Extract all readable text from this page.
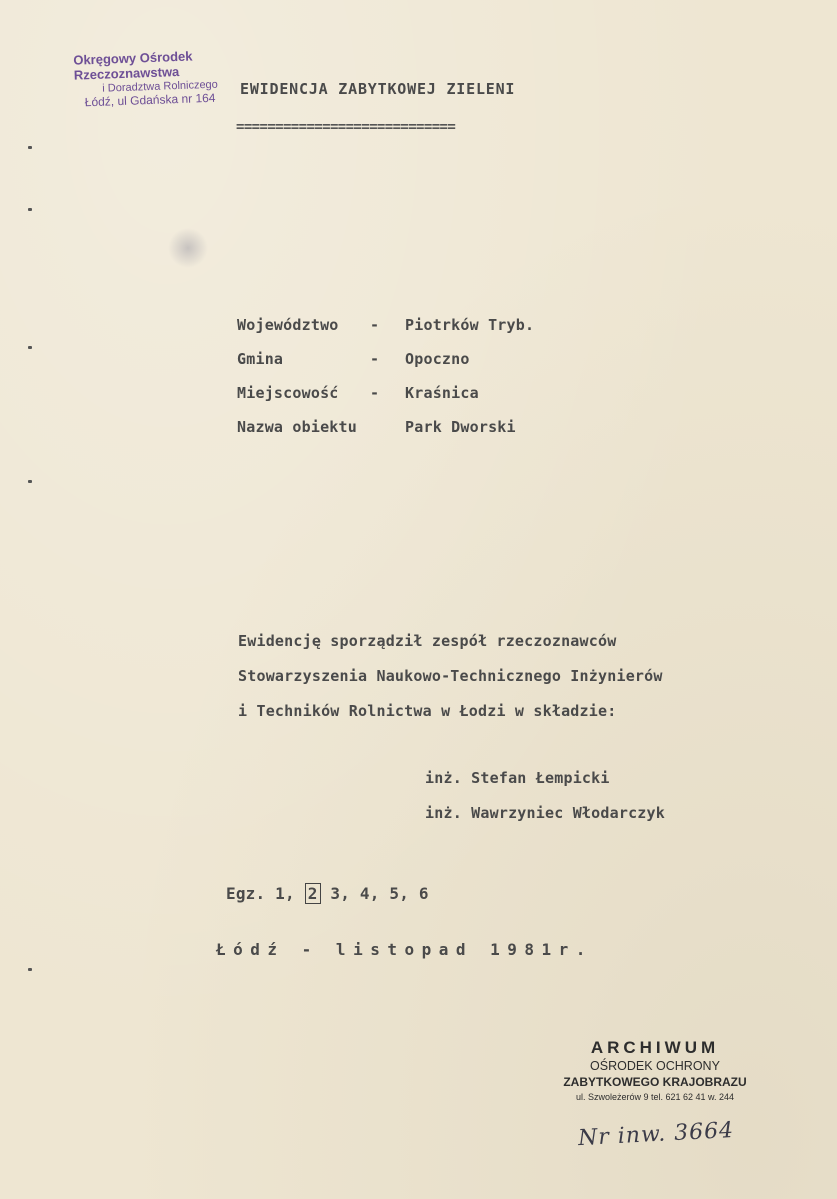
Okręgowy Ośrodek Rzeczoznawstwa
i Doradztwa Rolniczego
Łódź, ul Gdańska nr 164
EWIDENCJA ZABYTKOWEJ ZIELENI
============================
Województwo - Piotrków Tryb.
Gmina	- Opoczno
Miejscowość - Kraśnica
Nazwa obiektu	Park Dworski
Ewidencję sporządził zespół rzeczoznawców
Stowarzyszenia Naukowo-Technicznego Inżynierów
i Techników Rolnictwa w Łodzi w składzie:
inż. Stefan Łempicki
inż. Wawrzyniec Włodarczyk
Egz. 1, 2 3, 4, 5, 6
Łódź - listopad 1981r.
ARCHIWUM
OŚRODEK OCHRONY
ZABYTKOWEGO KRAJOBRAZU
ul. Szwoleżerów 9 tel. 621 62 41 w. 244
Nr inw. 3664
